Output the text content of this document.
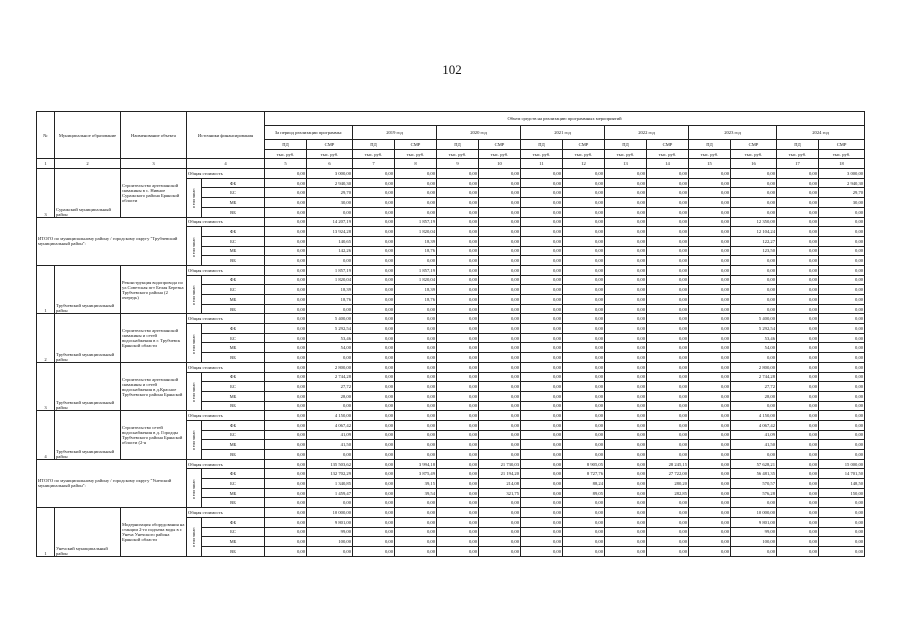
102
№	Муниципальное образование	Наименование объекта	Источники финансирования		Объем средств на реализацию программных мероприятий													
					За период реализации программы:		2019 год		2020 год		2021 год		2022 год		2023 год		2024 год	
					ПД	СМР	ПД	СМР	ПД	СМР	ПД	СМР	ПД	СМР	ПД	СМР	ПД	СМР
					тыс. руб.	тыс. руб.	тыс. руб.	тыс. руб.	тыс. руб.	тыс. руб.	тыс. руб.	тыс. руб.	тыс. руб.	тыс. руб.	тыс. руб.	тыс. руб.	тыс. руб.	тыс. руб.
1	2	3	4		5	6	7	8	9	10	11	12	13	14	15	16	17	18
3	Суражский муниципальный район	Строительство артезианской скважины в с. Нивное Суражского района Брянской области	Общая стоимость		0,00	3 000,00	0,00	0,00	0,00	0,00	0,00	0,00	0,00	0,00	0,00	0,00	0,00	3 000,00
			в том числе:	ФБ	0,00	2 940,30	0,00	0,00	0,00	0,00	0,00	0,00	0,00	0,00	0,00	0,00	0,00	2 940,30
				БС	0,00	29,70	0,00	0,00	0,00	0,00	0,00	0,00	0,00	0,00	0,00	0,00	0,00	29,70
				МБ	0,00	30,00	0,00	0,00	0,00	0,00	0,00	0,00	0,00	0,00	0,00	0,00	0,00	30,00
				ВБ	0,00	0,00	0,00	0,00	0,00	0,00	0,00	0,00	0,00	0,00	0,00	0,00	0,00	0,00
ИТОГО по муниципальному району / городскому округу "Трубчевский муниципальный район":			Общая стоимость		0,00	14 207,19	0,00	1 857,19	0,00	0,00	0,00	0,00	0,00	0,00	0,00	12 350,00	0,00	0,00
			в том числе:	ФБ	0,00	13 924,28	0,00	1 820,04	0,00	0,00	0,00	0,00	0,00	0,00	0,00	12 104,24	0,00	0,00
				БС	0,00	140,65	0,00	18,39	0,00	0,00	0,00	0,00	0,00	0,00	0,00	122,27	0,00	0,00
				МБ	0,00	142,26	0,00	18,76	0,00	0,00	0,00	0,00	0,00	0,00	0,00	123,50	0,00	0,00
				ВБ	0,00	0,00	0,00	0,00	0,00	0,00	0,00	0,00	0,00	0,00	0,00	0,00	0,00	0,00
1	Трубчевский муниципальный район	Реконструкция водопровода по ул.Советская пгт Белая Березка Трубчевского района (2 очередь)	Общая стоимость		0,00	1 857,19	0,00	1 857,19	0,00	0,00	0,00	0,00	0,00	0,00	0,00	0,00	0,00	0,00
			в том числе:	ФБ	0,00	1 820,04	0,00	1 820,04	0,00	0,00	0,00	0,00	0,00	0,00	0,00	0,00	0,00	0,00
				БС	0,00	18,39	0,00	18,39	0,00	0,00	0,00	0,00	0,00	0,00	0,00	0,00	0,00	0,00
				МБ	0,00	18,76	0,00	18,76	0,00	0,00	0,00	0,00	0,00	0,00	0,00	0,00	0,00	0,00
				ВБ	0,00	0,00	0,00	0,00	0,00	0,00	0,00	0,00	0,00	0,00	0,00	0,00	0,00	0,00
2	Трубчевский муниципальный район	Строительство артезианской скважины и сетей водоснабжения в г. Трубчевск Брянской области	Общая стоимость		0,00	5 400,00	0,00	0,00	0,00	0,00	0,00	0,00	0,00	0,00	0,00	5 400,00	0,00	0,00
			в том числе:	ФБ	0,00	5 292,54	0,00	0,00	0,00	0,00	0,00	0,00	0,00	0,00	0,00	5 292,54	0,00	0,00
				БС	0,00	53,46	0,00	0,00	0,00	0,00	0,00	0,00	0,00	0,00	0,00	53,46	0,00	0,00
				МБ	0,00	54,00	0,00	0,00	0,00	0,00	0,00	0,00	0,00	0,00	0,00	54,00	0,00	0,00
				ВБ	0,00	0,00	0,00	0,00	0,00	0,00	0,00	0,00	0,00	0,00	0,00	0,00	0,00	0,00
3	Трубчевский муниципальный район	Строительство артезианской скважины и сетей водоснабжения в д.Красное Трубчевского района Брянской	Общая стоимость		0,00	2 800,00	0,00	0,00	0,00	0,00	0,00	0,00	0,00	0,00	0,00	2 800,00	0,00	0,00
			в том числе:	ФБ	0,00	2 744,28	0,00	0,00	0,00	0,00	0,00	0,00	0,00	0,00	0,00	2 744,28	0,00	0,00
				БС	0,00	27,72	0,00	0,00	0,00	0,00	0,00	0,00	0,00	0,00	0,00	27,72	0,00	0,00
				МБ	0,00	28,00	0,00	0,00	0,00	0,00	0,00	0,00	0,00	0,00	0,00	28,00	0,00	0,00
				ВБ	0,00	0,00	0,00	0,00	0,00	0,00	0,00	0,00	0,00	0,00	0,00	0,00	0,00	0,00
4	Трубчевский муниципальный район	Строительство сетей водоснабжения в д. Городцы Трубчевского района Брянской области (2-я	Общая стоимость		0,00	4 150,00	0,00	0,00	0,00	0,00	0,00	0,00	0,00	0,00	0,00	4 150,00	0,00	0,00
			в том числе:	ФБ	0,00	4 067,42	0,00	0,00	0,00	0,00	0,00	0,00	0,00	0,00	0,00	4 067,42	0,00	0,00
				БС	0,00	41,09	0,00	0,00	0,00	0,00	0,00	0,00	0,00	0,00	0,00	41,09	0,00	0,00
				МБ	0,00	41,50	0,00	0,00	0,00	0,00	0,00	0,00	0,00	0,00	0,00	41,50	0,00	0,00
				ВБ	0,00	0,00	0,00	0,00	0,00	0,00	0,00	0,00	0,00	0,00	0,00	0,00	0,00	0,00
ИТОГО по муниципальному району / городскому округу "Унечский муниципальный район":			Общая стоимость		0,00	135 503,62	0,00	3 994,18	0,00	21 730,03	0,00	8 905,05	0,00	28 245,15	0,00	57 628,21	0,00	15 000,00
			в том числе:	ФБ	0,00	132 702,29	0,00	3 875,49	0,00	21 194,20	0,00	8 727,76	0,00	27 722,00	0,00	56 481,35	0,00	14 701,50
				БС	0,00	1 340,85	0,00	39,15	0,00	214,08	0,00	88,24	0,00	280,20	0,00	570,57	0,00	148,50
				МБ	0,00	1 459,47	0,00	39,54	0,00	321,75	0,00	89,05	0,00	282,85	0,00	576,28	0,00	150,00
				ВБ	0,00	0,00	0,00	0,00	0,00	0,00	0,00	0,00	0,00	0,00	0,00	0,00	0,00	0,00
1	Унечский муниципальный район	Модернизация оборудования на станции 2-го подъема воды в г. Унеча Унечского района Брянской области	Общая стоимость		0,00	10 000,00	0,00	0,00	0,00	0,00	0,00	0,00	0,00	0,00	0,00	10 000,00	0,00	0,00
			в том числе:	ФБ	0,00	9 801,00	0,00	0,00	0,00	0,00	0,00	0,00	0,00	0,00	0,00	9 801,00	0,00	0,00
				БС	0,00	99,00	0,00	0,00	0,00	0,00	0,00	0,00	0,00	0,00	0,00	99,00	0,00	0,00
				МБ	0,00	100,00	0,00	0,00	0,00	0,00	0,00	0,00	0,00	0,00	0,00	100,00	0,00	0,00
				ВБ	0,00	0,00	0,00	0,00	0,00	0,00	0,00	0,00	0,00	0,00	0,00	0,00	0,00	0,00
